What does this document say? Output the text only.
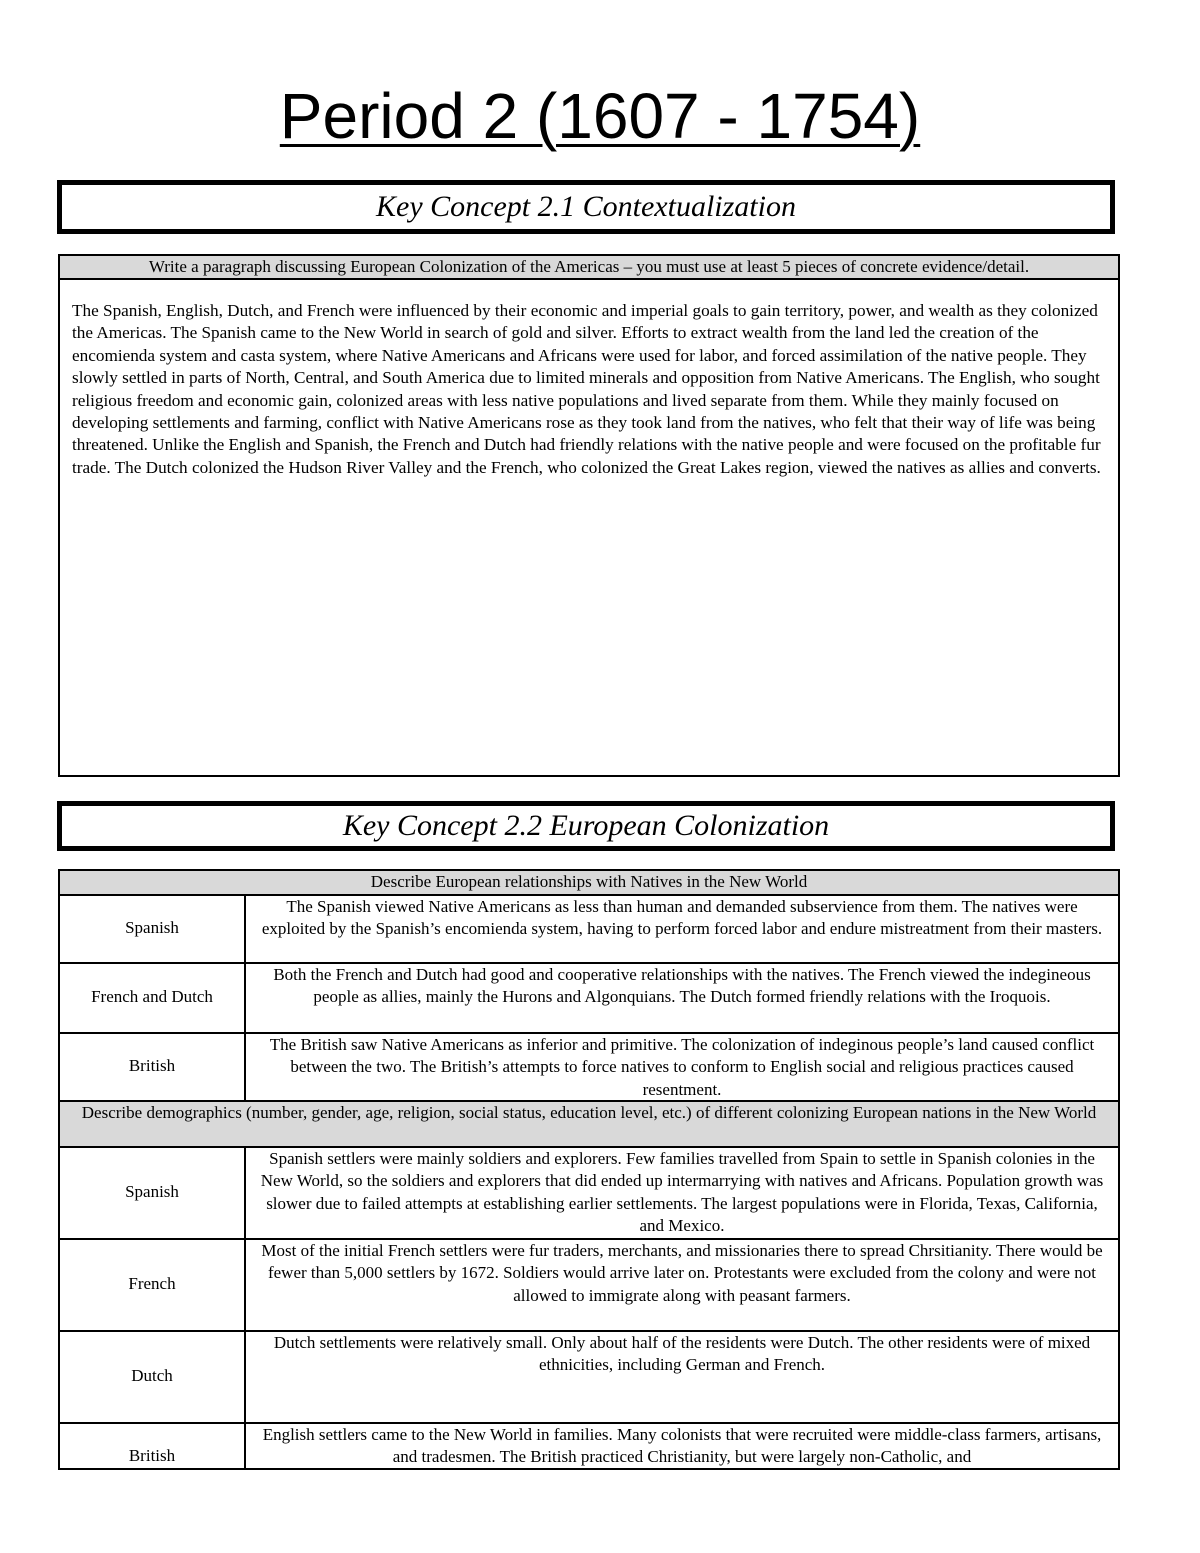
Period 2 (1607 - 1754)
Key Concept 2.1 Contextualization
Write a paragraph discussing European Colonization of the Americas – you must use at least 5 pieces of concrete evidence/detail.
The Spanish, English, Dutch, and French were influenced by their economic and imperial goals to gain territory, power, and wealth as they colonized the Americas. The Spanish came to the New World in search of gold and silver. Efforts to extract wealth from the land led the creation of the encomienda system and casta system, where Native Americans and Africans were used for labor, and forced assimilation of the native people. They slowly settled in parts of North, Central, and South America due to limited minerals and opposition from Native Americans. The English, who sought religious freedom and economic gain, colonized areas with less native populations and lived separate from them. While they mainly focused on developing settlements and farming, conflict with Native Americans rose as they took land from the natives, who felt that their way of life was being threatened. Unlike the English and Spanish, the French and Dutch had friendly relations with the native people and were focused on the profitable fur trade. The Dutch colonized the Hudson River Valley and the French, who colonized the Great Lakes region, viewed the natives as allies and converts.
Key Concept 2.2 European Colonization
Describe European relationships with Natives in the New World	
Spanish	The Spanish viewed Native Americans as less than human and demanded subservience from them. The natives were exploited by the Spanish’s encomienda system, having to perform forced labor and endure mistreatment from their masters.

French and Dutch	Both the French and Dutch had good and cooperative relationships with the natives. The French viewed the indegineous people as allies, mainly the Hurons and Algonquians. The Dutch formed friendly relations with the Iroquois.

British	The British saw Native Americans as inferior and primitive. The colonization of indeginous people’s land caused conflict between the two. The British’s attempts to force natives to conform to English social and religious practices caused resentment.

Describe demographics (number, gender, age, religion, social status, education level, etc.) of different colonizing European nations in the New World	
Spanish	Spanish settlers were mainly soldiers and explorers. Few families travelled from Spain to settle in Spanish colonies in the New World, so the soldiers and explorers that did ended up intermarrying with natives and Africans. Population growth was slower due to failed attempts at establishing earlier settlements. The largest populations were in Florida, Texas, California, and Mexico.

French	Most of the initial French settlers were fur traders, merchants, and missionaries there to spread Chrsitianity. There would be fewer than 5,000 settlers by 1672. Soldiers would arrive later on. Protestants were excluded from the colony and were not allowed to immigrate along with peasant farmers.

Dutch	Dutch settlements were relatively small. Only about half of the residents were Dutch. The other residents were of mixed ethnicities, including German and French.

British	English settlers came to the New World in families. Many colonists that were recruited were middle-class farmers, artisans, and tradesmen. The British practiced Christianity, but were largely non-Catholic, and
